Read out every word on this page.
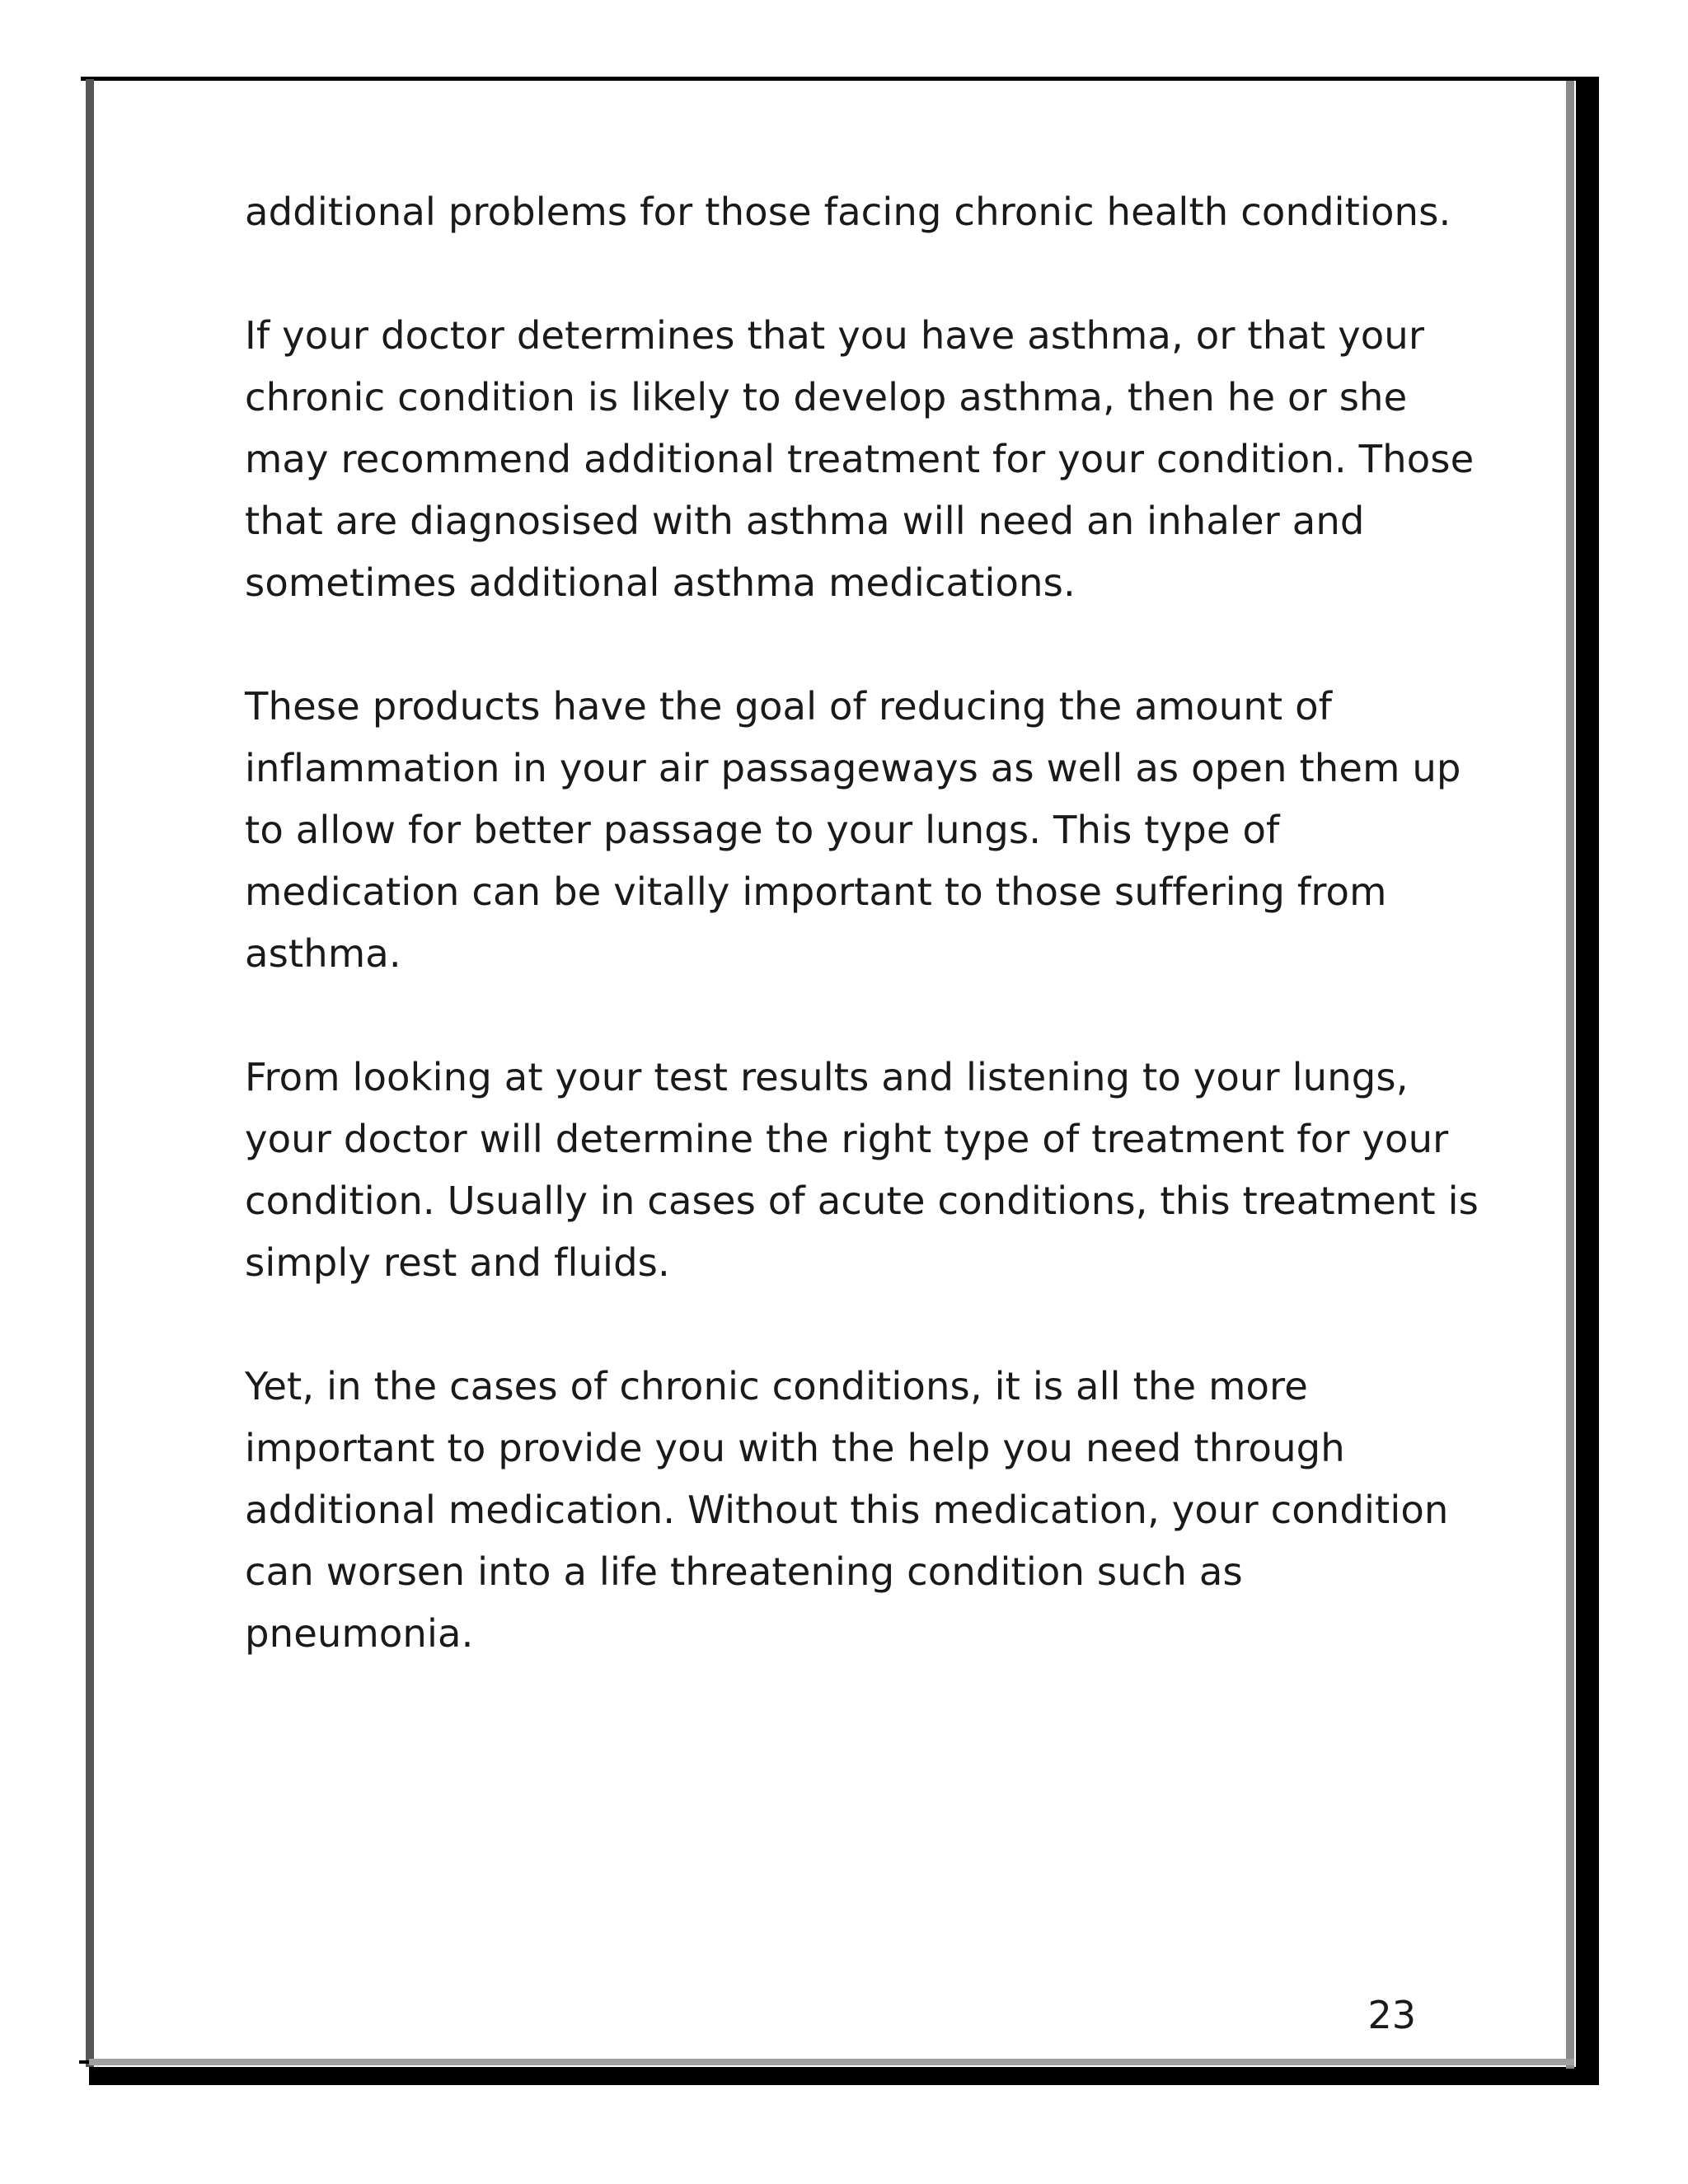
additional problems for those facing chronic health conditions.

If your doctor determines that you have asthma, or that your chronic condition is likely to develop asthma, then he or she may recommend additional treatment for your condition. Those that are diagnosised with asthma will need an inhaler and sometimes additional asthma medications.

These products have the goal of reducing the amount of inflammation in your air passageways as well as open them up to allow for better passage to your lungs. This type of medication can be vitally important to those suffering from asthma.

From looking at your test results and listening to your lungs, your doctor will determine the right type of treatment for your condition. Usually in cases of acute conditions, this treatment is simply rest and fluids.

Yet, in the cases of chronic conditions, it is all the more important to provide you with the help you need through additional medication. Without this medication, your condition can worsen into a life threatening condition such as pneumonia.

23
